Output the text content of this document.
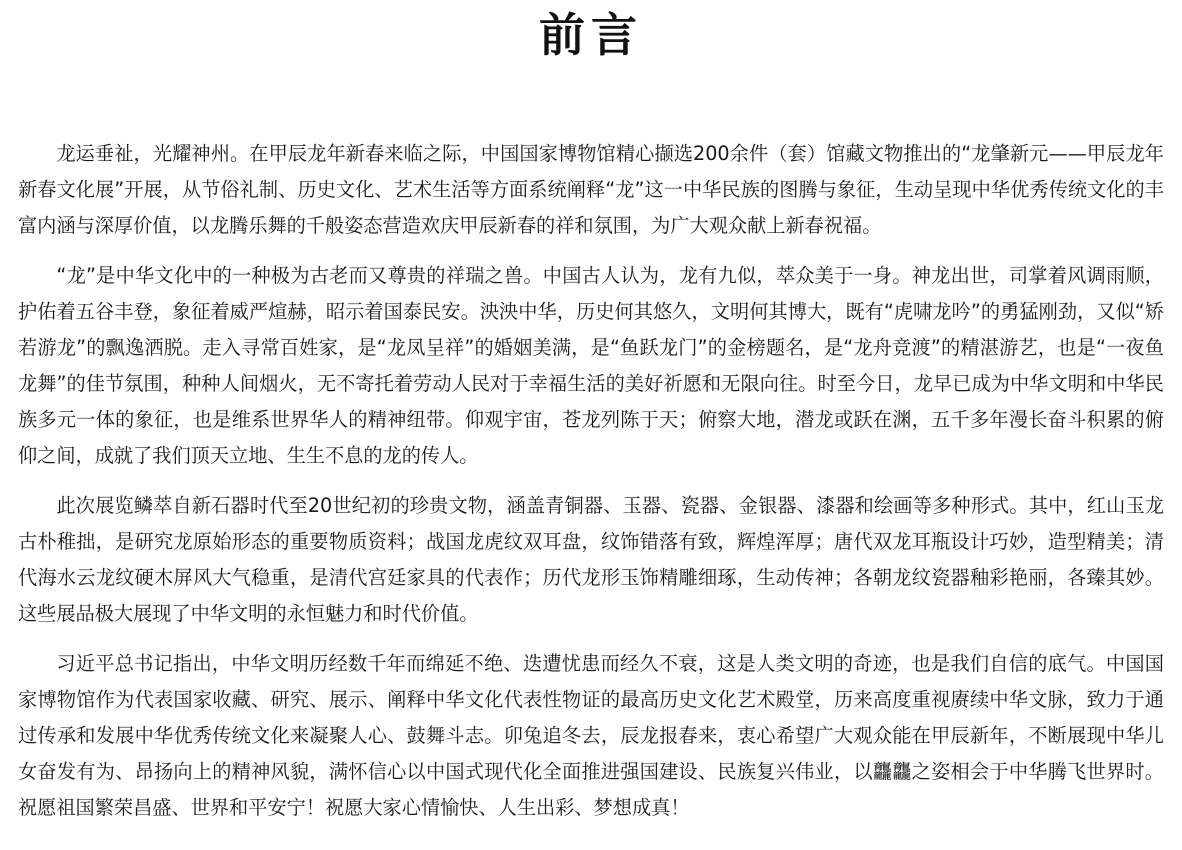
前言

龙运垂祉，光耀神州。在甲辰龙年新春来临之际，中国国家博物馆精心撷选200余件（套）馆藏文物推出的“龙肇新元——甲辰龙年新春文化展”开展，从节俗礼制、历史文化、艺术生活等方面系统阐释“龙”这一中华民族的图腾与象征，生动呈现中华优秀传统文化的丰富内涵与深厚价值，以龙腾乐舞的千般姿态营造欢庆甲辰新春的祥和氛围，为广大观众献上新春祝福。

“龙”是中华文化中的一种极为古老而又尊贵的祥瑞之兽。中国古人认为，龙有九似，萃众美于一身。神龙出世，司掌着风调雨顺，护佑着五谷丰登，象征着威严煊赫，昭示着国泰民安。泱泱中华，历史何其悠久，文明何其博大，既有“虎啸龙吟”的勇猛刚劲，又似“矫若游龙”的飘逸洒脱。走入寻常百姓家，是“龙凤呈祥”的婚姻美满，是“鱼跃龙门”的金榜题名，是“龙舟竞渡”的精湛游艺，也是“一夜鱼龙舞”的佳节氛围，种种人间烟火，无不寄托着劳动人民对于幸福生活的美好祈愿和无限向往。时至今日，龙早已成为中华文明和中华民族多元一体的象征，也是维系世界华人的精神纽带。仰观宇宙，苍龙列陈于天；俯察大地，潜龙或跃在渊，五千多年漫长奋斗积累的俯仰之间，成就了我们顶天立地、生生不息的龙的传人。

此次展览鳞萃自新石器时代至20世纪初的珍贵文物，涵盖青铜器、玉器、瓷器、金银器、漆器和绘画等多种形式。其中，红山玉龙古朴稚拙，是研究龙原始形态的重要物质资料；战国龙虎纹双耳盘，纹饰错落有致，辉煌浑厚；唐代双龙耳瓶设计巧妙，造型精美；清代海水云龙纹硬木屏风大气稳重，是清代宫廷家具的代表作；历代龙形玉饰精雕细琢，生动传神；各朝龙纹瓷器釉彩艳丽，各臻其妙。这些展品极大展现了中华文明的永恒魅力和时代价值。

习近平总书记指出，中华文明历经数千年而绵延不绝、迭遭忧患而经久不衰，这是人类文明的奇迹，也是我们自信的底气。中国国家博物馆作为代表国家收藏、研究、展示、阐释中华文化代表性物证的最高历史文化艺术殿堂，历来高度重视赓续中华文脉，致力于通过传承和发展中华优秀传统文化来凝聚人心、鼓舞斗志。卯兔追冬去，辰龙报春来，衷心希望广大观众能在甲辰新年，不断展现中华儿女奋发有为、昂扬向上的精神风貌，满怀信心以中国式现代化全面推进强国建设、民族复兴伟业，以龘龘之姿相会于中华腾飞世界时。祝愿祖国繁荣昌盛、世界和平安宁！祝愿大家心情愉快、人生出彩、梦想成真！
